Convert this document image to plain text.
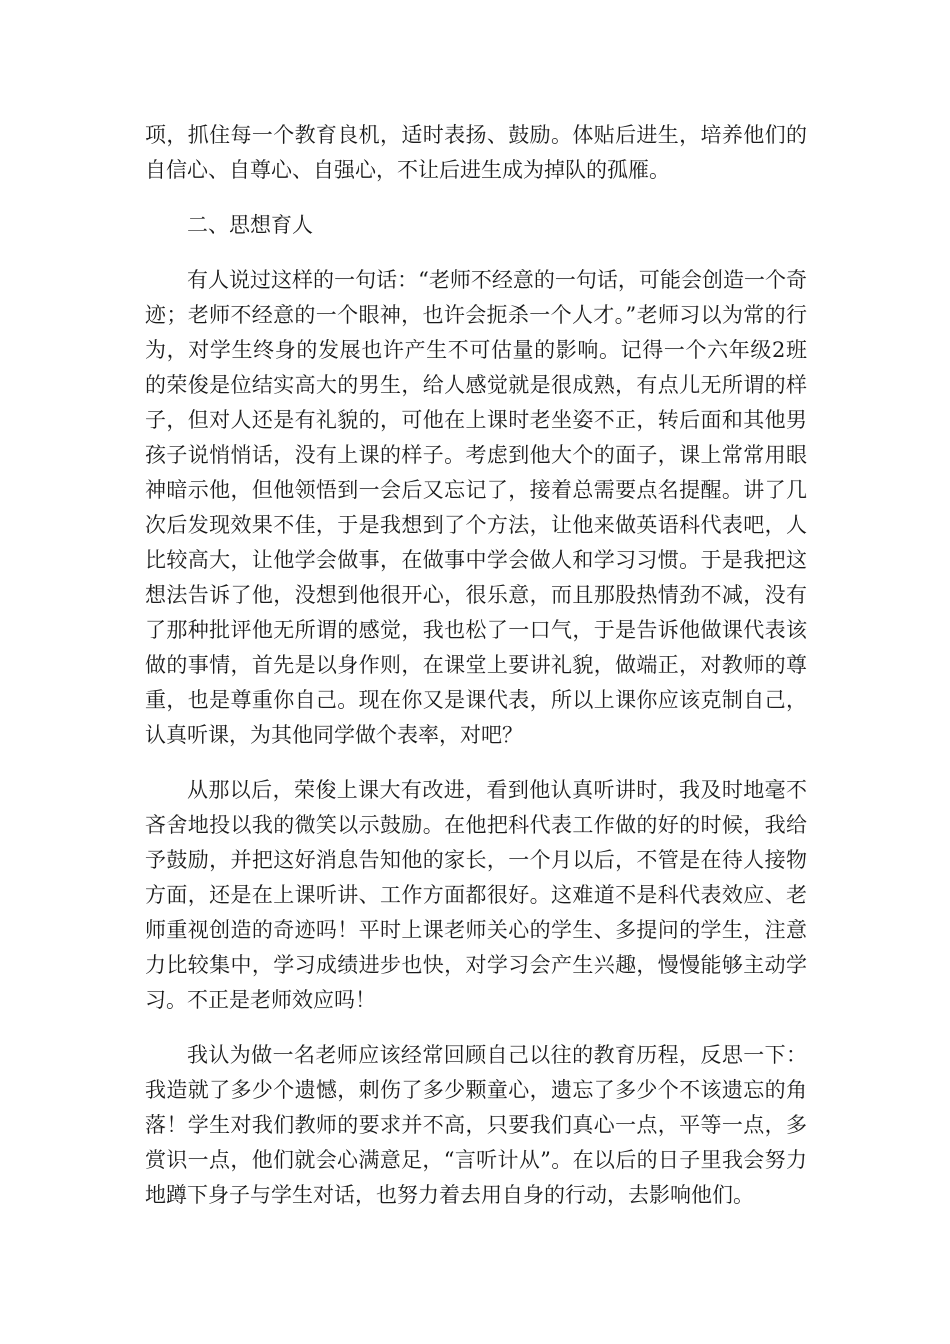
项，抓住每一个教育良机，适时表扬、鼓励。体贴后进生，培养他们的自信心、自尊心、自强心，不让后进生成为掉队的孤雁。

二、思想育人

有人说过这样的一句话：“老师不经意的一句话，可能会创造一个奇迹；老师不经意的一个眼神，也许会扼杀一个人才。”老师习以为常的行为，对学生终身的发展也许产生不可估量的影响。记得一个六年级2班的荣俊是位结实高大的男生，给人感觉就是很成熟，有点儿无所谓的样子，但对人还是有礼貌的，可他在上课时老坐姿不正，转后面和其他男孩子说悄悄话，没有上课的样子。考虑到他大个的面子，课上常常用眼神暗示他，但他领悟到一会后又忘记了，接着总需要点名提醒。讲了几次后发现效果不佳，于是我想到了个方法，让他来做英语科代表吧，人比较高大，让他学会做事，在做事中学会做人和学习习惯。于是我把这想法告诉了他，没想到他很开心，很乐意，而且那股热情劲不减，没有了那种批评他无所谓的感觉，我也松了一口气，于是告诉他做课代表该做的事情，首先是以身作则，在课堂上要讲礼貌，做端正，对教师的尊重，也是尊重你自己。现在你又是课代表，所以上课你应该克制自己，认真听课，为其他同学做个表率，对吧？

从那以后，荣俊上课大有改进，看到他认真听讲时，我及时地毫不吝舍地投以我的微笑以示鼓励。在他把科代表工作做的好的时候，我给予鼓励，并把这好消息告知他的家长，一个月以后，不管是在待人接物方面，还是在上课听讲、工作方面都很好。这难道不是科代表效应、老师重视创造的奇迹吗！平时上课老师关心的学生、多提问的学生，注意力比较集中，学习成绩进步也快，对学习会产生兴趣，慢慢能够主动学习。不正是老师效应吗！

我认为做一名老师应该经常回顾自己以往的教育历程，反思一下：我造就了多少个遗憾，刺伤了多少颗童心，遗忘了多少个不该遗忘的角落！学生对我们教师的要求并不高，只要我们真心一点，平等一点，多赏识一点，他们就会心满意足，“言听计从”。在以后的日子里我会努力地蹲下身子与学生对话，也努力着去用自身的行动，去影响他们。
